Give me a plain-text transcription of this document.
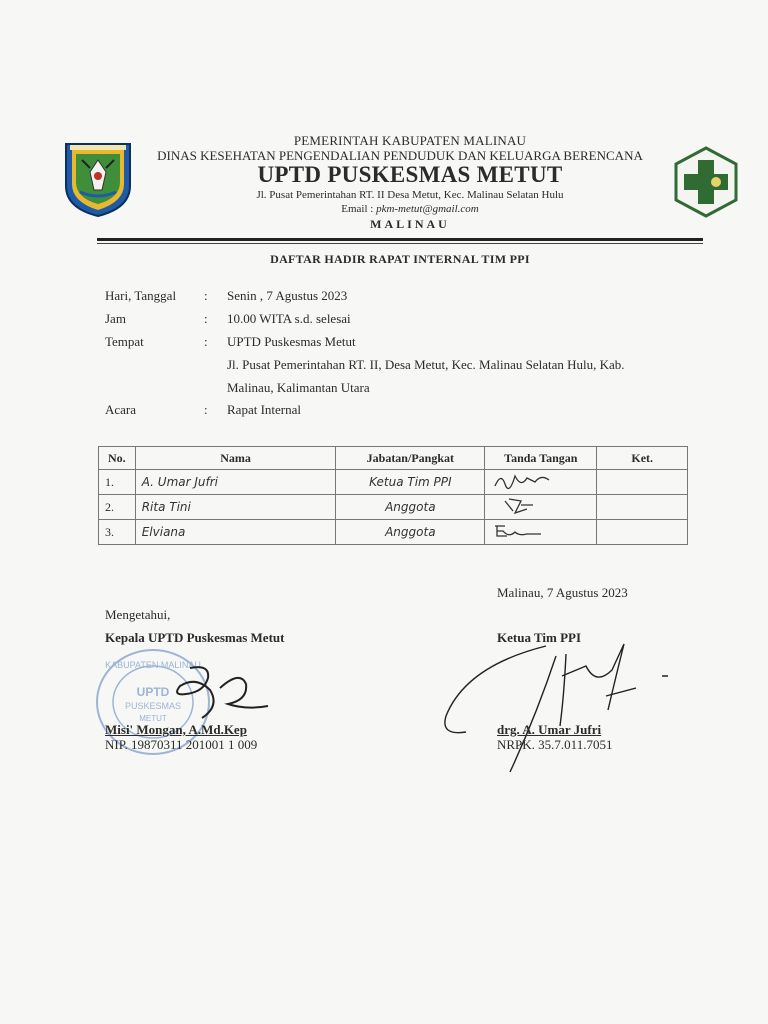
PEMERINTAH KABUPATEN MALINAU
DINAS KESEHATAN PENGENDALIAN PENDUDUK DAN KELUARGA BERENCANA
UPTD PUSKESMAS METUT
Jl. Pusat Pemerintahan RT. II Desa Metut, Kec. Malinau Selatan Hulu
Email : pkm-metut@gmail.com
MALINAU
DAFTAR HADIR RAPAT INTERNAL TIM PPI
Hari, Tanggal : Senin , 7 Agustus 2023
Jam	: 10.00 WITA s.d. selesai
Tempat	: UPTD Puskesmas Metut
Jl. Pusat Pemerintahan RT. II, Desa Metut, Kec. Malinau Selatan Hulu, Kab.
Malinau, Kalimantan Utara
Acara	: Rapat Internal
No.	Nama	Jabatan/Pangkat	Tanda Tangan	Ket.
1.	A. Umar Jufri	Ketua Tim PPI		
2.	Rita Tini	Anggota		
3.	Elviana	Anggota		
Malinau, 7 Agustus 2023
Mengetahui,
Kepala UPTD Puskesmas Metut	Ketua Tim PPI
KABUPATEN MALINAU
UPTD
PUSKESMAS
METUT
Misi' Mongan, A.Md.Kep
NIP. 19870311 201001 1 009
drg. A. Umar Jufri
NRPK. 35.7.011.7051
